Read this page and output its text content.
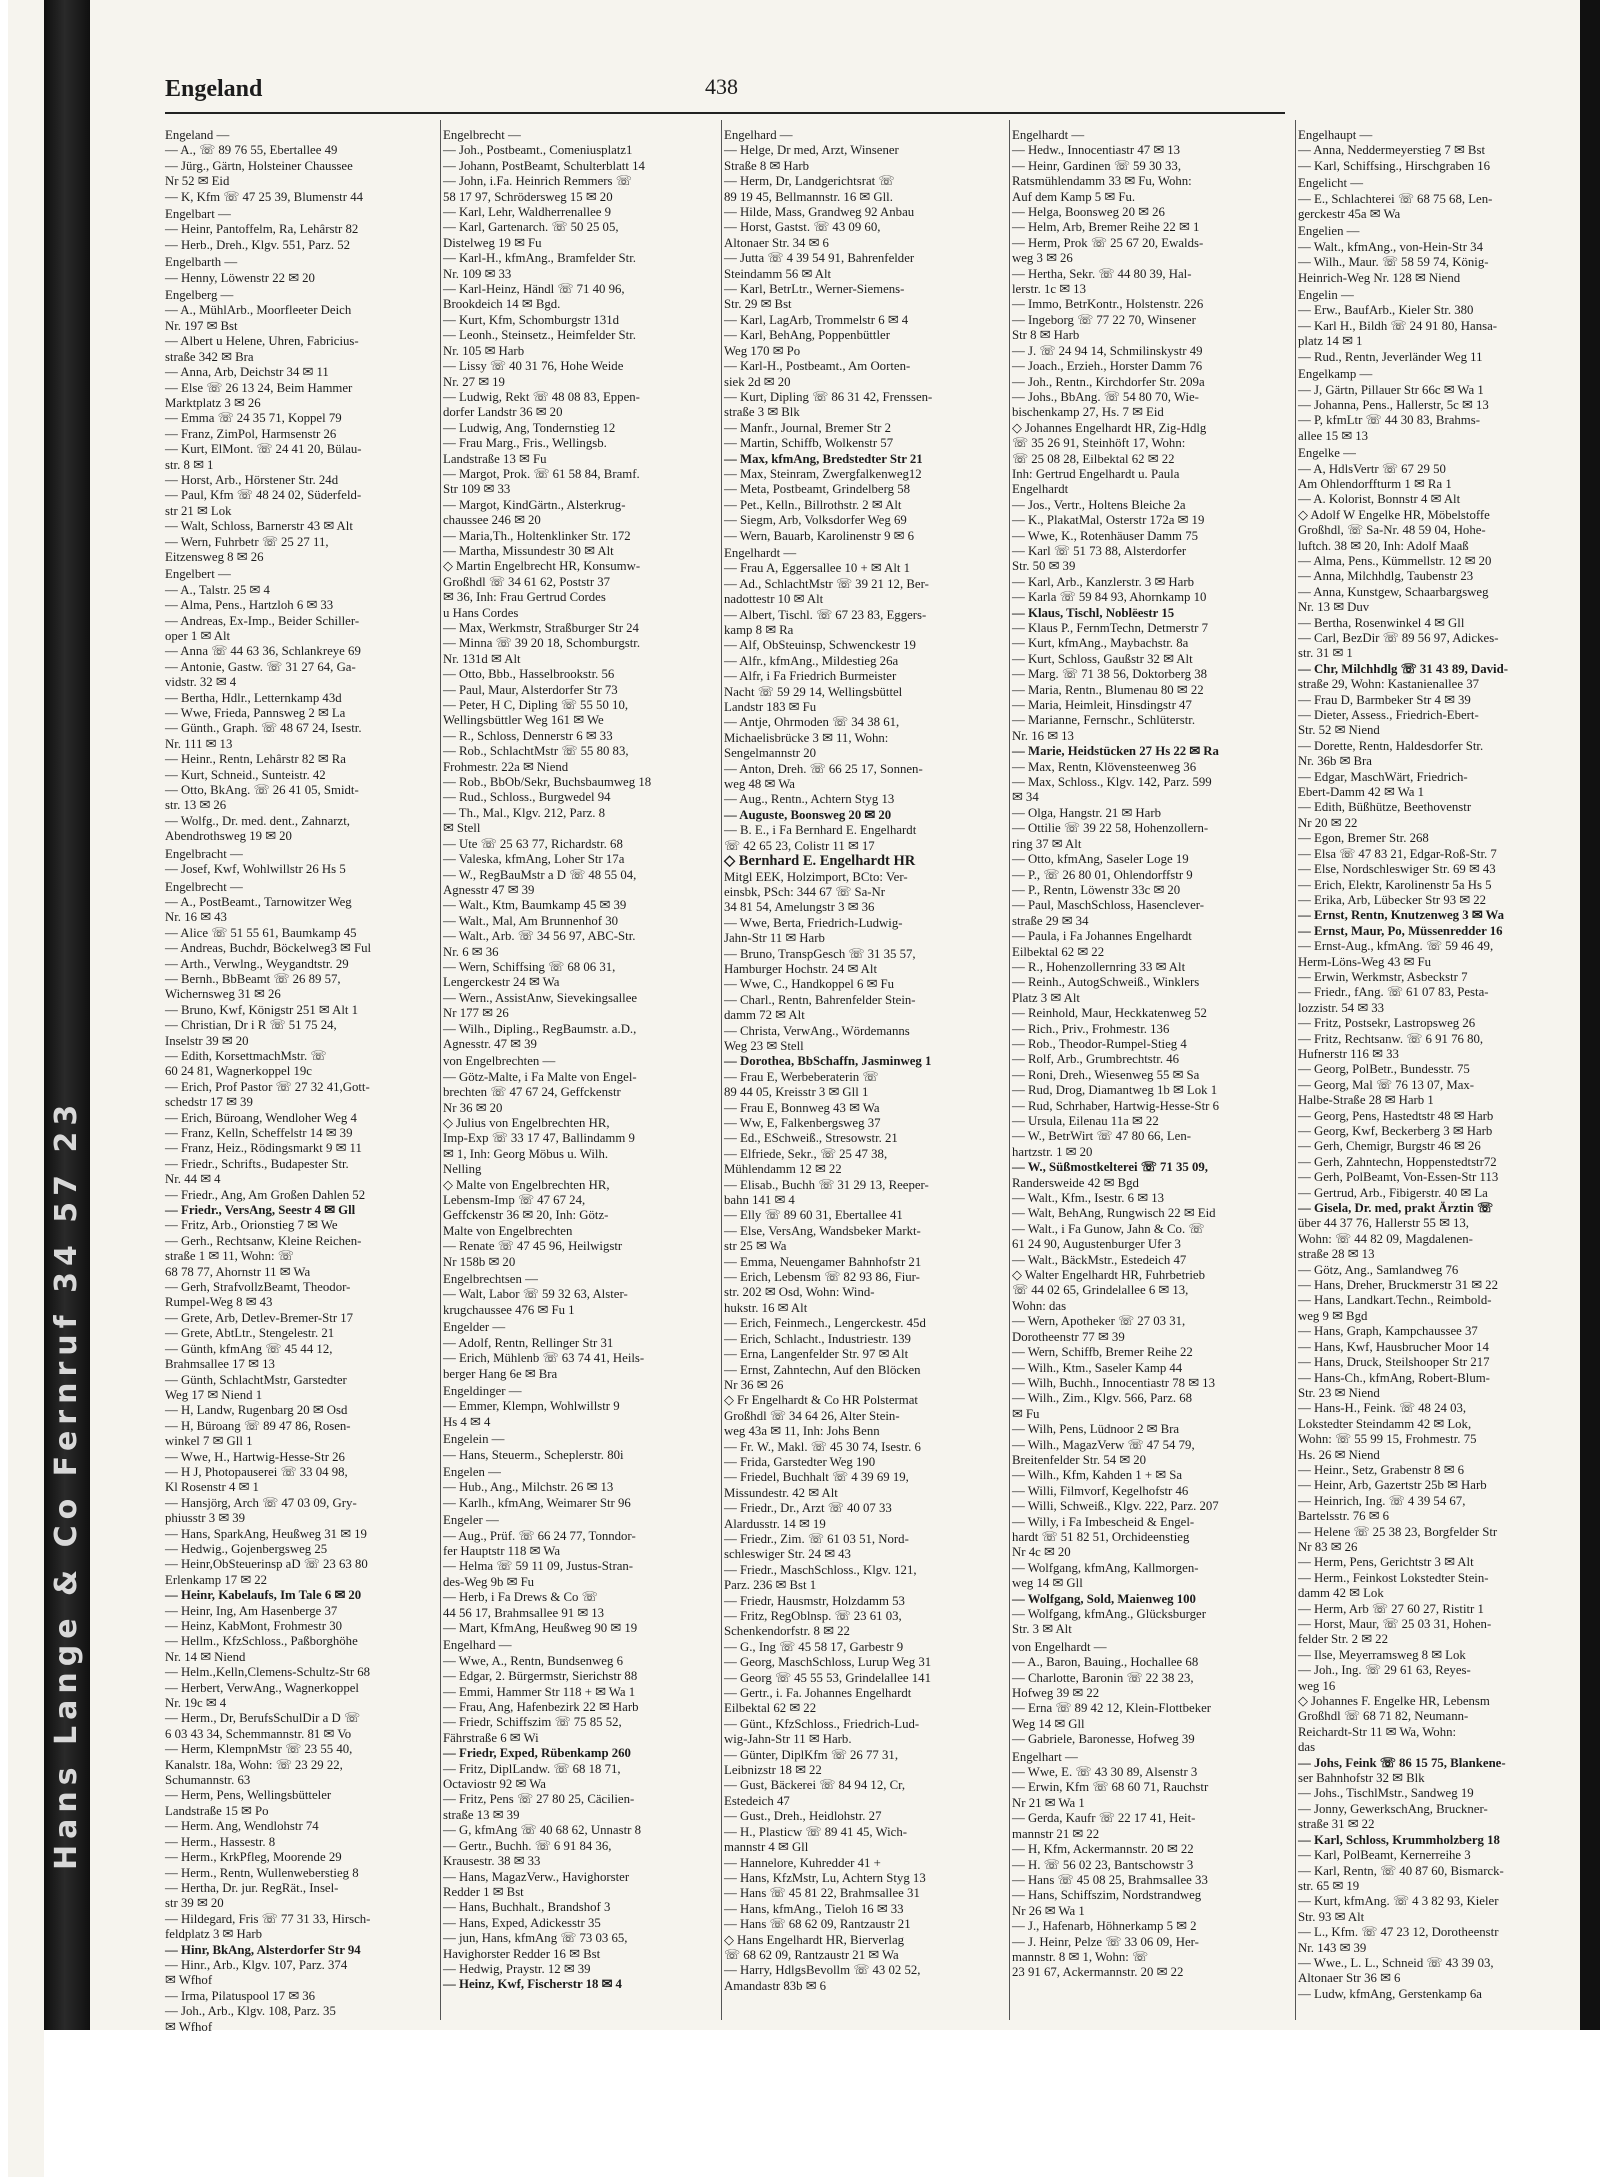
Hans Lange & Co Fernruf 34 57 23
Engeland	438
Engeland —
— A., ☏ 89 76 55, Ebertallee 49
— Jürg., Gärtn, Holsteiner Chaussee
Nr 52 ✉ Eid
— K, Kfm ☏ 47 25 39, Blumenstr 44
Engelbart —
— Heinr, Pantoffelm, Ra, Lehârstr 82
— Herb., Dreh., Klgv. 551, Parz. 52
Engelbarth —
— Henny, Löwenstr 22 ✉ 20
Engelberg —
— A., MühlArb., Moorfleeter Deich
Nr. 197 ✉ Bst
— Albert u Helene, Uhren, Fabricius-
straße 342 ✉ Bra
— Anna, Arb, Deichstr 34 ✉ 11
— Else ☏ 26 13 24, Beim Hammer
Marktplatz 3 ✉ 26
— Emma ☏ 24 35 71, Koppel 79
— Franz, ZimPol, Harmsenstr 26
— Kurt, ElMont. ☏ 24 41 20, Bülau-
str. 8 ✉ 1
— Horst, Arb., Hörstener Str. 24d
— Paul, Kfm ☏ 48 24 02, Süderfeld-
str 21 ✉ Lok
— Walt, Schloss, Barnerstr 43 ✉ Alt
— Wern, Fuhrbetr ☏ 25 27 11,
Eitzensweg 8 ✉ 26
Engelbert —
— A., Talstr. 25 ✉ 4
— Alma, Pens., Hartzloh 6 ✉ 33
— Andreas, Ex-Imp., Beider Schiller-
oper 1 ✉ Alt
— Anna ☏ 44 63 36, Schlankreye 69
— Antonie, Gastw. ☏ 31 27 64, Ga-
vidstr. 32 ✉ 4
— Bertha, Hdlr., Letternkamp 43d
— Wwe, Frieda, Pannsweg 2 ✉ La
— Günth., Graph. ☏ 48 67 24, Isestr.
Nr. 111 ✉ 13
— Heinr., Rentn, Lehârstr 82 ✉ Ra
— Kurt, Schneid., Sunteistr. 42
— Otto, BkAng. ☏ 26 41 05, Smidt-
str. 13 ✉ 26
— Wolfg., Dr. med. dent., Zahnarzt,
Abendrothsweg 19 ✉ 20
Engelbracht —
— Josef, Kwf, Wohlwillstr 26 Hs 5
Engelbrecht —
— A., PostBeamt., Tarnowitzer Weg
Nr. 16 ✉ 43
— Alice ☏ 51 55 61, Baumkamp 45
— Andreas, Buchdr, Böckelweg3 ✉ Ful
— Arth., Verwlng., Weygandtstr. 29
— Bernh., BbBeamt ☏ 26 89 57,
Wichernsweg 31 ✉ 26
— Bruno, Kwf, Königstr 251 ✉ Alt 1
— Christian, Dr i R ☏ 51 75 24,
Inselstr 39 ✉ 20
— Edith, KorsettmachMstr. ☏
60 24 81, Wagnerkoppel 19c
— Erich, Prof Pastor ☏ 27 32 41,Gott-
schedstr 17 ✉ 39
— Erich, Büroang, Wendloher Weg 4
— Franz, Kelln, Scheffelstr 14 ✉ 39
— Franz, Heiz., Rödingsmarkt 9 ✉ 11
— Friedr., Schrifts., Budapester Str.
Nr. 44 ✉ 4
— Friedr., Ang, Am Großen Dahlen 52
— Friedr., VersAng, Seestr 4 ✉ Gll
— Fritz, Arb., Orionstieg 7 ✉ We
— Gerh., Rechtsanw, Kleine Reichen-
straße 1 ✉ 11, Wohn: ☏
68 78 77, Ahornstr 11 ✉ Wa
— Gerh, StrafvollzBeamt, Theodor-
Rumpel-Weg 8 ✉ 43
— Grete, Arb, Detlev-Bremer-Str 17
— Grete, AbtLtr., Stengelestr. 21
— Günth, kfmAng ☏ 45 44 12,
Brahmsallee 17 ✉ 13
— Günth, SchlachtMstr, Garstedter
Weg 17 ✉ Niend 1
— H, Landw, Rugenbarg 20 ✉ Osd
— H, Büroang ☏ 89 47 86, Rosen-
winkel 7 ✉ Gll 1
— Wwe, H., Hartwig-Hesse-Str 26
— H J, Photopauserei ☏ 33 04 98,
Kl Rosenstr 4 ✉ 1
— Hansjörg, Arch ☏ 47 03 09, Gry-
phiusstr 3 ✉ 39
— Hans, SparkAng, Heußweg 31 ✉ 19
— Hedwig., Gojenbergsweg 25
— Heinr,ObSteuerinsp aD ☏ 23 63 80
Erlenkamp 17 ✉ 22
— Heinr, Kabelaufs, Im Tale 6 ✉ 20
— Heinr, Ing, Am Hasenberge 37
— Heinz, KabMont, Frohmestr 30
— Hellm., KfzSchloss., Paßborghöhe
Nr. 14 ✉ Niend
— Helm.,Kelln,Clemens-Schultz-Str 68
— Herbert, VerwAng., Wagnerkoppel
Nr. 19c ✉ 4
— Herm., Dr, BerufsSchulDir a D ☏
6 03 43 34, Schemmannstr. 81 ✉ Vo
— Herm, KlempnMstr ☏ 23 55 40,
Kanalstr. 18a, Wohn: ☏ 23 29 22,
Schumannstr. 63
— Herm, Pens, Wellingsbütteler
Landstraße 15 ✉ Po
— Herm. Ang, Wendlohstr 74
— Herm., Hassestr. 8
— Herm., KrkPfleg, Moorende 29
— Herm., Rentn, Wullenweberstieg 8
— Hertha, Dr. jur. RegRät., Insel-
str 39 ✉ 20
— Hildegard, Fris ☏ 77 31 33, Hirsch-
feldplatz 3 ✉ Harb
— Hinr, BkAng, Alsterdorfer Str 94
— Hinr., Arb., Klgv. 107, Parz. 374
✉ Wfhof
— Irma, Pilatuspool 17 ✉ 36
— Joh., Arb., Klgv. 108, Parz. 35
✉ Wfhof
Engelbrecht —
— Joh., Postbeamt., Comeniusplatz1
— Johann, PostBeamt, Schulterblatt 14
— John, i.Fa. Heinrich Remmers ☏
58 17 97, Schrödersweg 15 ✉ 20
— Karl, Lehr, Waldherrenallee 9
— Karl, Gartenarch. ☏ 50 25 05,
Distelweg 19 ✉ Fu
— Karl-H., kfmAng., Bramfelder Str.
Nr. 109 ✉ 33
— Karl-Heinz, Händl ☏ 71 40 96,
Brookdeich 14 ✉ Bgd.
— Kurt, Kfm, Schomburgstr 131d
— Leonh., Steinsetz., Heimfelder Str.
Nr. 105 ✉ Harb
— Lissy ☏ 40 31 76, Hohe Weide
Nr. 27 ✉ 19
— Ludwig, Rekt ☏ 48 08 83, Eppen-
dorfer Landstr 36 ✉ 20
— Ludwig, Ang, Tondernstieg 12
— Frau Marg., Fris., Wellingsb.
Landstraße 13 ✉ Fu
— Margot, Prok. ☏ 61 58 84, Bramf.
Str 109 ✉ 33
— Margot, KindGärtn., Alsterkrug-
chaussee 246 ✉ 20
— Maria,Th., Holtenklinker Str. 172
— Martha, Missundestr 30 ✉ Alt
◇ Martin Engelbrecht HR, Konsumw-
Großhdl ☏ 34 61 62, Poststr 37
✉ 36, Inh: Frau Gertrud Cordes
u Hans Cordes
— Max, Werkmstr, Straßburger Str 24
— Minna ☏ 39 20 18, Schomburgstr.
Nr. 131d ✉ Alt
— Otto, Bbb., Hasselbrookstr. 56
— Paul, Maur, Alsterdorfer Str 73
— Peter, H C, Dipling ☏ 55 50 10,
Wellingsbüttler Weg 161 ✉ We
— R., Schloss, Dennerstr 6 ✉ 33
— Rob., SchlachtMstr ☏ 55 80 83,
Frohmestr. 22a ✉ Niend
— Rob., BbOb/Sekr, Buchsbaumweg 18
— Rud., Schloss., Burgwedel 94
— Th., Mal., Klgv. 212, Parz. 8
✉ Stell
— Ute ☏ 25 63 77, Richardstr. 68
— Valeska, kfmAng, Loher Str 17a
— W., RegBauMstr a D ☏ 48 55 04,
Agnesstr 47 ✉ 39
— Walt., Ktm, Baumkamp 45 ✉ 39
— Walt., Mal, Am Brunnenhof 30
— Walt., Arb. ☏ 34 56 97, ABC-Str.
Nr. 6 ✉ 36
— Wern, Schiffsing ☏ 68 06 31,
Lengerckestr 24 ✉ Wa
— Wern., AssistAnw, Sievekingsallee
Nr 177 ✉ 26
— Wilh., Dipling., RegBaumstr. a.D.,
Agnesstr. 47 ✉ 39
von Engelbrechten —
— Götz-Malte, i Fa Malte von Engel-
brechten ☏ 47 67 24, Geffckenstr
Nr 36 ✉ 20
◇ Julius von Engelbrechten HR,
Imp-Exp ☏ 33 17 47, Ballindamm 9
✉ 1, Inh: Georg Möbus u. Wilh.
Nelling
◇ Malte von Engelbrechten HR,
Lebensm-Imp ☏ 47 67 24,
Geffckenstr 36 ✉ 20, Inh: Götz-
Malte von Engelbrechten
— Renate ☏ 47 45 96, Heilwigstr
Nr 158b ✉ 20
Engelbrechtsen —
— Walt, Labor ☏ 59 32 63, Alster-
krugchaussee 476 ✉ Fu 1
Engelder —
— Adolf, Rentn, Rellinger Str 31
— Erich, Mühlenb ☏ 63 74 41, Heils-
berger Hang 6e ✉ Bra
Engeldinger —
— Emmer, Klempn, Wohlwillstr 9
Hs 4 ✉ 4
Engelein —
— Hans, Steuerm., Scheplerstr. 80i
Engelen —
— Hub., Ang., Milchstr. 26 ✉ 13
— Karlh., kfmAng, Weimarer Str 96
Engeler —
— Aug., Prüf. ☏ 66 24 77, Tonndor-
fer Hauptstr 118 ✉ Wa
— Helma ☏ 59 11 09, Justus-Stran-
des-Weg 9b ✉ Fu
— Herb, i Fa Drews & Co ☏
44 56 17, Brahmsallee 91 ✉ 13
— Mart, KfmAng, Heußweg 90 ✉ 19
Engelhard —
— Wwe, A., Rentn, Bundsenweg 6
— Edgar, 2. Bürgermstr, Sierichstr 88
— Emmi, Hammer Str 118 + ✉ Wa 1
— Frau, Ang, Hafenbezirk 22 ✉ Harb
— Friedr, Schiffszim ☏ 75 85 52,
Fährstraße 6 ✉ Wi
— Friedr, Exped, Rübenkamp 260
— Fritz, DiplLandw. ☏ 68 18 71,
Octaviostr 92 ✉ Wa
— Fritz, Pens ☏ 27 80 25, Cäcilien-
straße 13 ✉ 39
— G, kfmAng ☏ 40 68 62, Unnastr 8
— Gertr., Buchh. ☏ 6 91 84 36,
Krausestr. 38 ✉ 33
— Hans, MagazVerw., Havighorster
Redder 1 ✉ Bst
— Hans, Buchhalt., Brandshof 3
— Hans, Exped, Adickesstr 35
— jun, Hans, kfmAng ☏ 73 03 65,
Havighorster Redder 16 ✉ Bst
— Hedwig, Praystr. 12 ✉ 39
— Heinz, Kwf, Fischerstr 18 ✉ 4
Engelhard —
— Helge, Dr med, Arzt, Winsener
Straße 8 ✉ Harb
— Herm, Dr, Landgerichtsrat ☏
89 19 45, Bellmannstr. 16 ✉ Gll.
— Hilde, Mass, Grandweg 92 Anbau
— Horst, Gastst. ☏ 43 09 60,
Altonaer Str. 34 ✉ 6
— Jutta ☏ 4 39 54 91, Bahrenfelder
Steindamm 56 ✉ Alt
— Karl, BetrLtr., Werner-Siemens-
Str. 29 ✉ Bst
— Karl, LagArb, Trommelstr 6 ✉ 4
— Karl, BehAng, Poppenbüttler
Weg 170 ✉ Po
— Karl-H., Postbeamt., Am Oorten-
siek 2d ✉ 20
— Kurt, Dipling ☏ 86 31 42, Frenssen-
straße 3 ✉ Blk
— Manfr., Journal, Bremer Str 2
— Martin, Schiffb, Wolkenstr 57
— Max, kfmAng, Bredstedter Str 21
— Max, Steinram, Zwergfalkenweg12
— Meta, Postbeamt, Grindelberg 58
— Pet., Kelln., Billrothstr. 2 ✉ Alt
— Siegm, Arb, Volksdorfer Weg 69
— Wern, Bauarb, Karolinenstr 9 ✉ 6
Engelhardt —
— Frau A, Eggersallee 10 + ✉ Alt 1
— Ad., SchlachtMstr ☏ 39 21 12, Ber-
nadottestr 10 ✉ Alt
— Albert, Tischl. ☏ 67 23 83, Eggers-
kamp 8 ✉ Ra
— Alf, ObSteuinsp, Schwenckestr 19
— Alfr., kfmAng., Mildestieg 26a
— Alfr, i Fa Friedrich Burmeister
Nacht ☏ 59 29 14, Wellingsbüttel
Landstr 183 ✉ Fu
— Antje, Ohrmoden ☏ 34 38 61,
Michaelisbrücke 3 ✉ 11, Wohn:
Sengelmannstr 20
— Anton, Dreh. ☏ 66 25 17, Sonnen-
weg 48 ✉ Wa
— Aug., Rentn., Achtern Styg 13
— Auguste, Boonsweg 20 ✉ 20
— B. E., i Fa Bernhard E. Engelhardt
☏ 42 65 23, Colistr 11 ✉ 17
◇ Bernhard E. Engelhardt HR
Mitgl EEK, Holzimport, BCto: Ver-
einsbk, PSch: 344 67 ☏ Sa-Nr
34 81 54, Amelungstr 3 ✉ 36
— Wwe, Berta, Friedrich-Ludwig-
Jahn-Str 11 ✉ Harb
— Bruno, TranspGesch ☏ 31 35 57,
Hamburger Hochstr. 24 ✉ Alt
— Wwe, C., Handkoppel 6 ✉ Fu
— Charl., Rentn, Bahrenfelder Stein-
damm 72 ✉ Alt
— Christa, VerwAng., Wördemanns
Weg 23 ✉ Stell
— Dorothea, BbSchaffn, Jasminweg 1
— Frau E, Werbeberaterin ☏
89 44 05, Kreisstr 3 ✉ Gll 1
— Frau E, Bonnweg 43 ✉ Wa
— Ww, E, Falkenbergsweg 37
— Ed., ESchweiß., Stresowstr. 21
— Elfriede, Sekr., ☏ 25 47 38,
Mühlendamm 12 ✉ 22
— Elisab., Buchh ☏ 31 29 13, Reeper-
bahn 141 ✉ 4
— Elly ☏ 89 60 31, Ebertallee 41
— Else, VersAng, Wandsbeker Markt-
str 25 ✉ Wa
— Emma, Neuengamer Bahnhofstr 21
— Erich, Lebensm ☏ 82 93 86, Fiur-
str. 202 ✉ Osd, Wohn: Wind-
hukstr. 16 ✉ Alt
— Erich, Feinmech., Lengerckestr. 45d
— Erich, Schlacht., Industriestr. 139
— Erna, Langenfelder Str. 97 ✉ Alt
— Ernst, Zahntechn, Auf den Blöcken
Nr 36 ✉ 26
◇ Fr Engelhardt & Co HR Polstermat
Großhdl ☏ 34 64 26, Alter Stein-
weg 43a ✉ 11, Inh: Johs Benn
— Fr. W., Makl. ☏ 45 30 74, Isestr. 6
— Frida, Garstedter Weg 190
— Friedel, Buchhalt ☏ 4 39 69 19,
Missundestr. 42 ✉ Alt
— Friedr., Dr., Arzt ☏ 40 07 33
Alardusstr. 14 ✉ 19
— Friedr., Zim. ☏ 61 03 51, Nord-
schleswiger Str. 24 ✉ 43
— Friedr., MaschSchloss., Klgv. 121,
Parz. 236 ✉ Bst 1
— Friedr, Hausmstr, Holzdamm 53
— Fritz, RegOblnsp. ☏ 23 61 03,
Schenkendorfstr. 8 ✉ 22
— G., Ing ☏ 45 58 17, Garbestr 9
— Georg, MaschSchloss, Lurup Weg 31
— Georg ☏ 45 55 53, Grindelallee 141
— Gertr., i. Fa. Johannes Engelhardt
Eilbektal 62 ✉ 22
— Günt., KfzSchloss., Friedrich-Lud-
wig-Jahn-Str 11 ✉ Harb.
— Günter, DiplKfm ☏ 26 77 31,
Leibnizstr 18 ✉ 22
— Gust, Bäckerei ☏ 84 94 12, Cr,
Estedeich 47
— Gust., Dreh., Heidlohstr. 27
— H., Plasticw ☏ 89 41 45, Wich-
mannstr 4 ✉ Gll
— Hannelore, Kuhredder 41 +
— Hans, KfzMstr, Lu, Achtern Styg 13
— Hans ☏ 45 81 22, Brahmsallee 31
— Hans, kfmAng., Tieloh 16 ✉ 33
— Hans ☏ 68 62 09, Rantzaustr 21
◇ Hans Engelhardt HR, Bierverlag
☏ 68 62 09, Rantzaustr 21 ✉ Wa
— Harry, HdlgsBevollm ☏ 43 02 52,
Amandastr 83b ✉ 6
Engelhardt —
— Hedw., Innocentiastr 47 ✉ 13
— Heinr, Gardinen ☏ 59 30 33,
Ratsmühlendamm 33 ✉ Fu, Wohn:
Auf dem Kamp 5 ✉ Fu.
— Helga, Boonsweg 20 ✉ 26
— Helm, Arb, Bremer Reihe 22 ✉ 1
— Herm, Prok ☏ 25 67 20, Ewalds-
weg 3 ✉ 26
— Hertha, Sekr. ☏ 44 80 39, Hal-
lerstr. 1c ✉ 13
— Immo, BetrKontr., Holstenstr. 226
— Ingeborg ☏ 77 22 70, Winsener
Str 8 ✉ Harb
— J. ☏ 24 94 14, Schmilinskystr 49
— Joach., Erzieh., Horster Damm 76
— Joh., Rentn., Kirchdorfer Str. 209a
— Johs., BbAng. ☏ 54 80 70, Wie-
bischenkamp 27, Hs. 7 ✉ Eid
◇ Johannes Engelhardt HR, Zig-Hdlg
☏ 35 26 91, Steinhöft 17, Wohn:
☏ 25 08 28, Eilbektal 62 ✉ 22
Inh: Gertrud Engelhardt u. Paula
Engelhardt
— Jos., Vertr., Holtens Bleiche 2a
— K., PlakatMal, Osterstr 172a ✉ 19
— Wwe, K., Rotenhäuser Damm 75
— Karl ☏ 51 73 88, Alsterdorfer
Str. 50 ✉ 39
— Karl, Arb., Kanzlerstr. 3 ✉ Harb
— Karla ☏ 59 84 93, Ahornkamp 10
— Klaus, Tischl, Noblëestr 15
— Klaus P., FernmTechn, Detmerstr 7
— Kurt, kfmAng., Maybachstr. 8a
— Kurt, Schloss, Gaußstr 32 ✉ Alt
— Marg. ☏ 71 38 56, Doktorberg 38
— Maria, Rentn., Blumenau 80 ✉ 22
— Maria, Heimleit, Hinsdingstr 47
— Marianne, Fernschr., Schlüterstr.
Nr. 16 ✉ 13
— Marie, Heidstücken 27 Hs 22 ✉ Ra
— Max, Rentn, Klövensteenweg 36
— Max, Schloss., Klgv. 142, Parz. 599
✉ 34
— Olga, Hangstr. 21 ✉ Harb
— Ottilie ☏ 39 22 58, Hohenzollern-
ring 37 ✉ Alt
— Otto, kfmAng, Saseler Loge 19
— P., ☏ 26 80 01, Ohlendorffstr 9
— P., Rentn, Löwenstr 33c ✉ 20
— Paul, MaschSchloss, Hasenclever-
straße 29 ✉ 34
— Paula, i Fa Johannes Engelhardt
Eilbektal 62 ✉ 22
— R., Hohenzollernring 33 ✉ Alt
— Reinh., AutogSchweiß., Winklers
Platz 3 ✉ Alt
— Reinhold, Maur, Heckkatenweg 52
— Rich., Priv., Frohmestr. 136
— Rob., Theodor-Rumpel-Stieg 4
— Rolf, Arb., Grumbrechtstr. 46
— Roni, Dreh., Wiesenweg 55 ✉ Sa
— Rud, Drog, Diamantweg 1b ✉ Lok 1
— Rud, Schrhaber, Hartwig-Hesse-Str 6
— Ursula, Eilenau 11a ✉ 22
— W., BetrWirt ☏ 47 80 66, Len-
hartzstr. 1 ✉ 20
— W., Süßmostkelterei ☏ 71 35 09,
Randersweide 42 ✉ Bgd
— Walt., Kfm., Isestr. 6 ✉ 13
— Walt, BehAng, Rungwisch 22 ✉ Eid
— Walt., i Fa Gunow, Jahn & Co. ☏
61 24 90, Augustenburger Ufer 3
— Walt., BäckMstr., Estedeich 47
◇ Walter Engelhardt HR, Fuhrbetrieb
☏ 44 02 65, Grindelallee 6 ✉ 13,
Wohn: das
— Wern, Apotheker ☏ 27 03 31,
Dorotheenstr 77 ✉ 39
— Wern, Schiffb, Bremer Reihe 22
— Wilh., Ktm., Saseler Kamp 44
— Wilh, Buchh., Innocentiastr 78 ✉ 13
— Wilh., Zim., Klgv. 566, Parz. 68
✉ Fu
— Wilh, Pens, Lüdnoor 2 ✉ Bra
— Wilh., MagazVerw ☏ 47 54 79,
Breitenfelder Str. 54 ✉ 20
— Wilh., Kfm, Kahden 1 + ✉ Sa
— Willi, Filmvorf, Kegelhofstr 46
— Willi, Schweiß., Klgv. 222, Parz. 207
— Willy, i Fa Imbescheid & Engel-
hardt ☏ 51 82 51, Orchideenstieg
Nr 4c ✉ 20
— Wolfgang, kfmAng, Kallmorgen-
weg 14 ✉ Gll
— Wolfgang, Sold, Maienweg 100
— Wolfgang, kfmAng., Glücksburger
Str. 3 ✉ Alt
von Engelhardt —
— A., Baron, Bauing., Hochallee 68
— Charlotte, Baronin ☏ 22 38 23,
Hofweg 39 ✉ 22
— Erna ☏ 89 42 12, Klein-Flottbeker
Weg 14 ✉ Gll
— Gabriele, Baronesse, Hofweg 39
Engelhart —
— Wwe, E. ☏ 43 30 89, Alsenstr 3
— Erwin, Kfm ☏ 68 60 71, Rauchstr
Nr 21 ✉ Wa 1
— Gerda, Kaufr ☏ 22 17 41, Heit-
mannstr 21 ✉ 22
— H, Kfm, Ackermannstr. 20 ✉ 22
— H. ☏ 56 02 23, Bantschowstr 3
— Hans ☏ 45 08 25, Brahmsallee 33
— Hans, Schiffszim, Nordstrandweg
Nr 26 ✉ Wa 1
— J., Hafenarb, Höhnerkamp 5 ✉ 2
— J. Heinr, Pelze ☏ 33 06 09, Her-
mannstr. 8 ✉ 1, Wohn: ☏
23 91 67, Ackermannstr. 20 ✉ 22
Engelhaupt —
— Anna, Neddermeyerstieg 7 ✉ Bst
— Karl, Schiffsing., Hirschgraben 16
Engelicht —
— E., Schlachterei ☏ 68 75 68, Len-
gerckestr 45a ✉ Wa
Engelien —
— Walt., kfmAng., von-Hein-Str 34
— Wilh., Maur. ☏ 58 59 74, König-
Heinrich-Weg Nr. 128 ✉ Niend
Engelin —
— Erw., BaufArb., Kieler Str. 380
— Karl H., Bildh ☏ 24 91 80, Hansa-
platz 14 ✉ 1
— Rud., Rentn, Jeverländer Weg 11
Engelkamp —
— J, Gärtn, Pillauer Str 66c ✉ Wa 1
— Johanna, Pens., Hallerstr, 5c ✉ 13
— P, kfmLtr ☏ 44 30 83, Brahms-
allee 15 ✉ 13
Engelke —
— A, HdlsVertr ☏ 67 29 50
Am Ohlendorffturm 1 ✉ Ra 1
— A. Kolorist, Bonnstr 4 ✉ Alt
◇ Adolf W Engelke HR, Möbelstoffe
Großhdl, ☏ Sa-Nr. 48 59 04, Hohe-
luftch. 38 ✉ 20, Inh: Adolf Maaß
— Alma, Pens., Kümmellstr. 12 ✉ 20
— Anna, Milchhdlg, Taubenstr 23
— Anna, Kunstgew, Schaarbargsweg
Nr. 13 ✉ Duv
— Bertha, Rosenwinkel 4 ✉ Gll
— Carl, BezDir ☏ 89 56 97, Adickes-
str. 31 ✉ 1
— Chr, Milchhdlg ☏ 31 43 89, David-
straße 29, Wohn: Kastanienallee 37
— Frau D, Barmbeker Str 4 ✉ 39
— Dieter, Assess., Friedrich-Ebert-
Str. 52 ✉ Niend
— Dorette, Rentn, Haldesdorfer Str.
Nr. 36b ✉ Bra
— Edgar, MaschWärt, Friedrich-
Ebert-Damm 42 ✉ Wa 1
— Edith, Büßhütze, Beethovenstr
Nr 20 ✉ 22
— Egon, Bremer Str. 268
— Elsa ☏ 47 83 21, Edgar-Roß-Str. 7
— Else, Nordschleswiger Str. 69 ✉ 43
— Erich, Elektr, Karolinenstr 5a Hs 5
— Erika, Arb, Lübecker Str 93 ✉ 22
— Ernst, Rentn, Knutzenweg 3 ✉ Wa
— Ernst, Maur, Po, Müssenredder 16
— Ernst-Aug., kfmAng. ☏ 59 46 49,
Herm-Löns-Weg 43 ✉ Fu
— Erwin, Werkmstr, Asbeckstr 7
— Friedr., fAng. ☏ 61 07 83, Pesta-
lozzistr. 54 ✉ 33
— Fritz, Postsekr, Lastropsweg 26
— Fritz, Rechtsanw. ☏ 6 91 76 80,
Hufnerstr 116 ✉ 33
— Georg, PolBetr., Bundesstr. 75
— Georg, Mal ☏ 76 13 07, Max-
Halbe-Straße 28 ✉ Harb 1
— Georg, Pens, Hastedtstr 48 ✉ Harb
— Georg, Kwf, Beckerberg 3 ✉ Harb
— Gerh, Chemigr, Burgstr 46 ✉ 26
— Gerh, Zahntechn, Hoppenstedtstr72
— Gerh, PolBeamt, Von-Essen-Str 113
— Gertrud, Arb., Fibigerstr. 40 ✉ La
— Gisela, Dr. med, prakt Ärztin ☏
über 44 37 76, Hallerstr 55 ✉ 13,
Wohn: ☏ 44 82 09, Magdalenen-
straße 28 ✉ 13
— Götz, Ang., Samlandweg 76
— Hans, Dreher, Bruckmerstr 31 ✉ 22
— Hans, Landkart.Techn., Reimbold-
weg 9 ✉ Bgd
— Hans, Graph, Kampchaussee 37
— Hans, Kwf, Hausbrucher Moor 14
— Hans, Druck, Steilshooper Str 217
— Hans-Ch., kfmAng, Robert-Blum-
Str. 23 ✉ Niend
— Hans-H., Feink. ☏ 48 24 03,
Lokstedter Steindamm 42 ✉ Lok,
Wohn: ☏ 55 99 15, Frohmestr. 75
Hs. 26 ✉ Niend
— Heinr., Setz, Grabenstr 8 ✉ 6
— Heinr, Arb, Gazertstr 25b ✉ Harb
— Heinrich, Ing. ☏ 4 39 54 67,
Bartelsstr. 76 ✉ 6
— Helene ☏ 25 38 23, Borgfelder Str
Nr 83 ✉ 26
— Herm, Pens, Gerichtstr 3 ✉ Alt
— Herm., Feinkost Lokstedter Stein-
damm 42 ✉ Lok
— Herm, Arb ☏ 27 60 27, Ristitr 1
— Horst, Maur, ☏ 25 03 31, Hohen-
felder Str. 2 ✉ 22
— Ilse, Meyerramsweg 8 ✉ Lok
— Joh., Ing. ☏ 29 61 63, Reyes-
weg 16
◇ Johannes F. Engelke HR, Lebensm
Großhdl ☏ 68 71 82, Neumann-
Reichardt-Str 11 ✉ Wa, Wohn:
das
— Johs, Feink ☏ 86 15 75, Blankene-
ser Bahnhofstr 32 ✉ Blk
— Johs., TischlMstr., Sandweg 19
— Jonny, GewerkschAng, Bruckner-
straße 31 ✉ 22
— Karl, Schloss, Krummholzberg 18
— Karl, PolBeamt, Kernerreihe 3
— Karl, Rentn, ☏ 40 87 60, Bismarck-
str. 65 ✉ 19
— Kurt, kfmAng. ☏ 4 3 82 93, Kieler
Str. 93 ✉ Alt
— L., Kfm. ☏ 47 23 12, Dorotheenstr
Nr. 143 ✉ 39
— Wwe., L. L., Schneid ☏ 43 39 03,
Altonaer Str 36 ✉ 6
— Ludw, kfmAng, Gerstenkamp 6a
